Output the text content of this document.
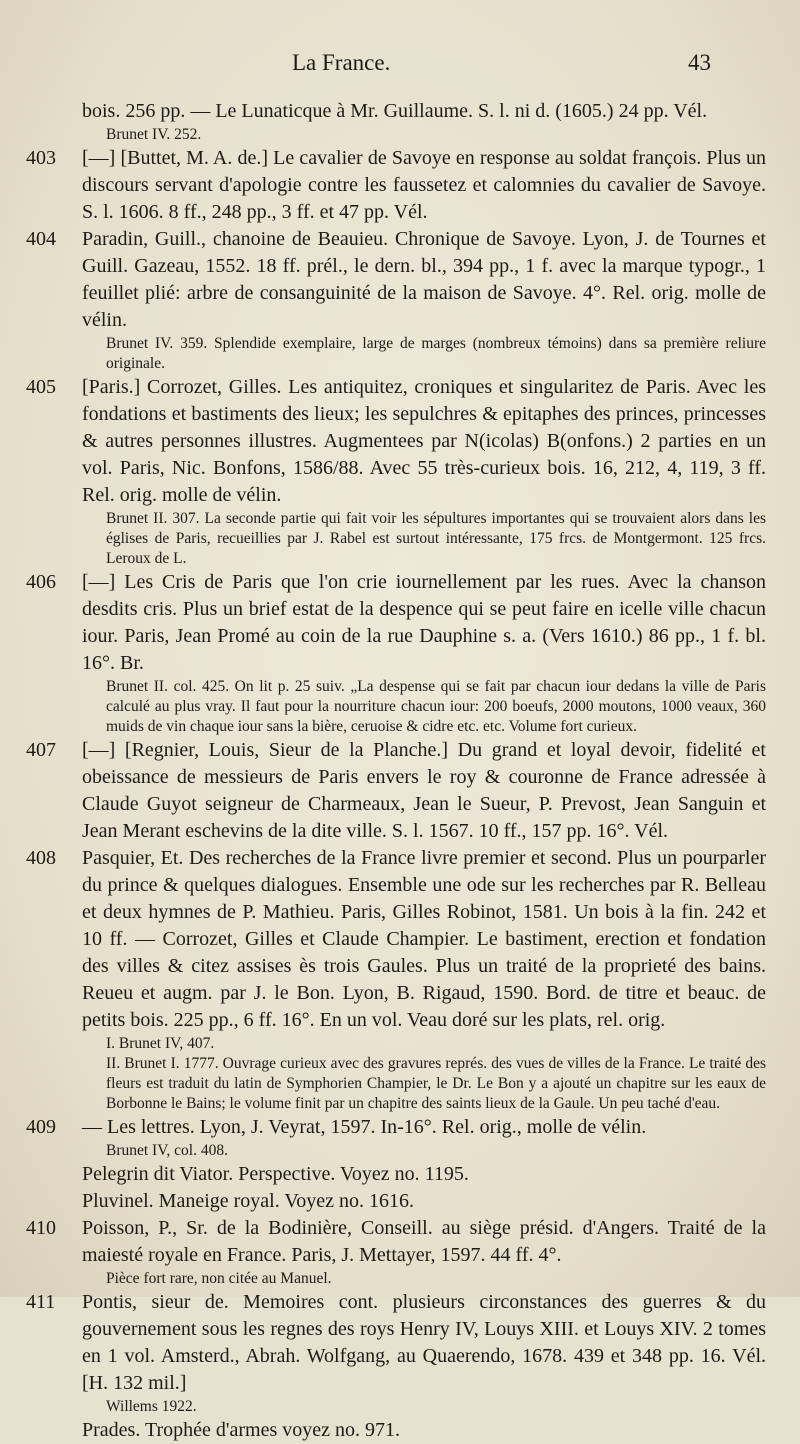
La France.	43
bois. 256 pp. — Le Lunaticque à Mr. Guillaume. S. l. ni d. (1605.) 24 pp. Vél.
Brunet IV. 252.
403	[—] [Buttet, M. A. de.] Le cavalier de Savoye en response au soldat françois. Plus un discours servant d'apologie contre les faussetez et calomnies du cavalier de Savoye. S. l. 1606. 8 ff., 248 pp., 3 ff. et 47 pp. Vél.
404	Paradin, Guill., chanoine de Beauieu. Chronique de Savoye. Lyon, J. de Tournes et Guill. Gazeau, 1552. 18 ff. prél., le dern. bl., 394 pp., 1 f. avec la marque typogr., 1 feuillet plié: arbre de consanguinité de la maison de Savoye. 4°. Rel. orig. molle de vélin.
Brunet IV. 359. Splendide exemplaire, large de marges (nombreux témoins) dans sa première reliure originale.
405	[Paris.] Corrozet, Gilles. Les antiquitez, croniques et singularitez de Paris. Avec les fondations et bastiments des lieux; les sepulchres & epitaphes des princes, princesses & autres personnes illustres. Augmentees par N(icolas) B(onfons.) 2 parties en un vol. Paris, Nic. Bonfons, 1586/88. Avec 55 très-curieux bois. 16, 212, 4, 119, 3 ff. Rel. orig. molle de vélin.
Brunet II. 307. La seconde partie qui fait voir les sépultures importantes qui se trouvaient alors dans les églises de Paris, recueillies par J. Rabel est surtout intéressante, 175 frcs. de Montgermont. 125 frcs. Leroux de L.
406	[—] Les Cris de Paris que l'on crie iournellement par les rues. Avec la chanson desdits cris. Plus un brief estat de la despence qui se peut faire en icelle ville chacun iour. Paris, Jean Promé au coin de la rue Dauphine s. a. (Vers 1610.) 86 pp., 1 f. bl. 16°. Br.
Brunet II. col. 425. On lit p. 25 suiv. „La despense qui se fait par chacun iour dedans la ville de Paris calculé au plus vray. Il faut pour la nourriture chacun iour: 200 boeufs, 2000 moutons, 1000 veaux, 360 muids de vin chaque iour sans la bière, ceruoise & cidre etc. etc. Volume fort curieux.
407	[—] [Regnier, Louis, Sieur de la Planche.] Du grand et loyal devoir, fidelité et obeissance de messieurs de Paris envers le roy & couronne de France adressée à Claude Guyot seigneur de Charmeaux, Jean le Sueur, P. Prevost, Jean Sanguin et Jean Merant eschevins de la dite ville. S. l. 1567. 10 ff., 157 pp. 16°. Vél.
408	Pasquier, Et. Des recherches de la France livre premier et second. Plus un pourparler du prince & quelques dialogues. Ensemble une ode sur les recherches par R. Belleau et deux hymnes de P. Mathieu. Paris, Gilles Robinot, 1581. Un bois à la fin. 242 et 10 ff. — Corrozet, Gilles et Claude Champier. Le bastiment, erection et fondation des villes & citez assises ès trois Gaules. Plus un traité de la proprieté des bains. Reueu et augm. par J. le Bon. Lyon, B. Rigaud, 1590. Bord. de titre et beauc. de petits bois. 225 pp., 6 ff. 16°. En un vol. Veau doré sur les plats, rel. orig.
I. Brunet IV, 407.
II. Brunet I. 1777. Ouvrage curieux avec des gravures représ. des vues de villes de la France. Le traité des fleurs est traduit du latin de Symphorien Champier, le Dr. Le Bon y a ajouté un chapitre sur les eaux de Borbonne le Bains; le volume finit par un chapitre des saints lieux de la Gaule. Un peu taché d'eau.
409	— Les lettres. Lyon, J. Veyrat, 1597. In-16°. Rel. orig., molle de vélin.
Brunet IV, col. 408.
Pelegrin dit Viator. Perspective. Voyez no. 1195.
Pluvinel. Maneige royal. Voyez no. 1616.
410	Poisson, P., Sr. de la Bodinière, Conseill. au siège présid. d'Angers. Traité de la maiesté royale en France. Paris, J. Mettayer, 1597. 44 ff. 4°.
Pièce fort rare, non citée au Manuel.
411	Pontis, sieur de. Memoires cont. plusieurs circonstances des guerres & du gouvernement sous les regnes des roys Henry IV, Louys XIII. et Louys XIV. 2 tomes en 1 vol. Amsterd., Abrah. Wolfgang, au Quaerendo, 1678. 439 et 348 pp. 16. Vél. [H. 132 mil.]
Willems 1922.
Prades. Trophée d'armes voyez no. 971.
